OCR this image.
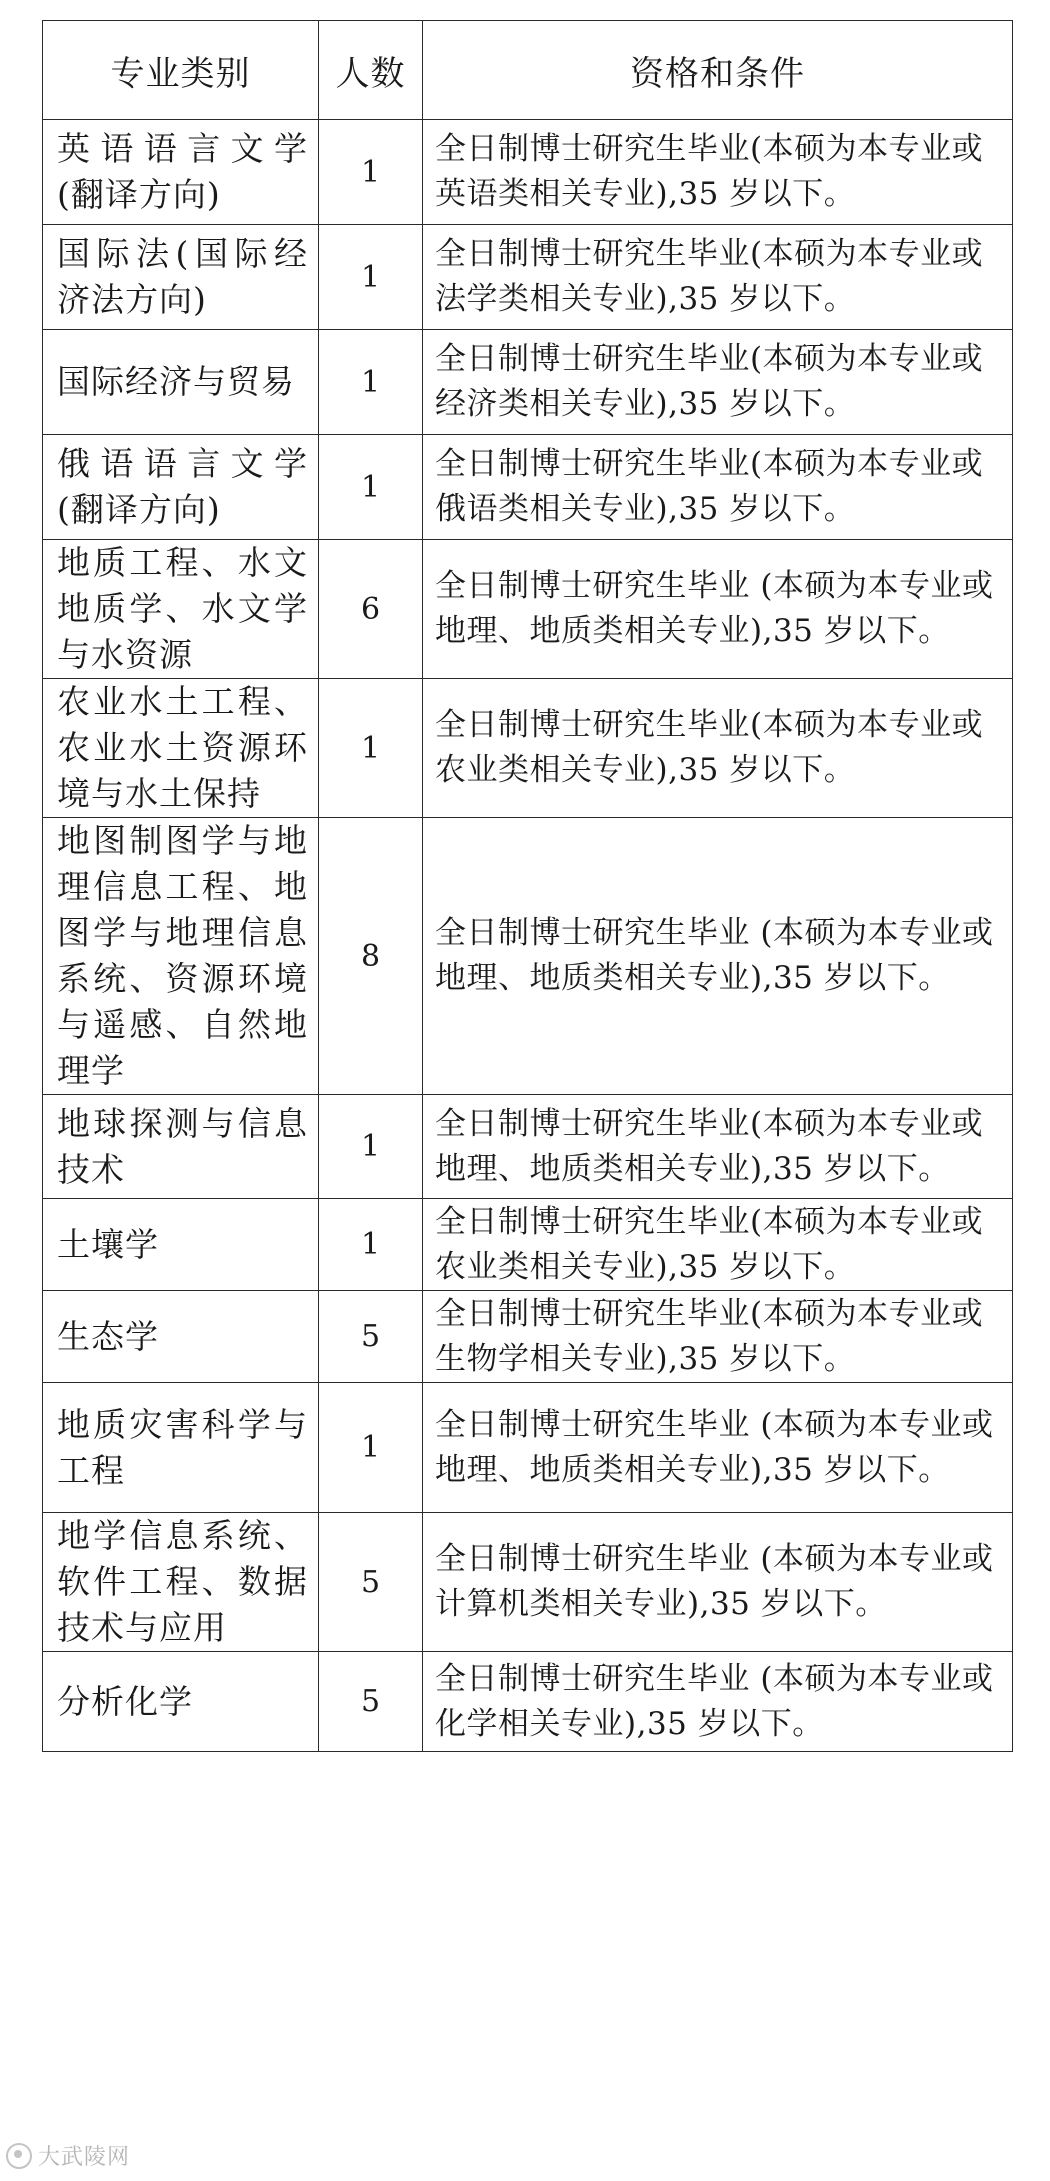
专业类别	人数	资格和条件
英语语言文学(翻译方向)	1	全日制博士研究生毕业(本硕为本专业或英语类相关专业),35 岁以下。
国际法(国际经济法方向)	1	全日制博士研究生毕业(本硕为本专业或法学类相关专业),35 岁以下。
国际经济与贸易	1	全日制博士研究生毕业(本硕为本专业或经济类相关专业),35 岁以下。
俄语语言文学(翻译方向)	1	全日制博士研究生毕业(本硕为本专业或俄语类相关专业),35 岁以下。
地质工程、水文地质学、水文学与水资源	6	全日制博士研究生毕业 (本硕为本专业或地理、地质类相关专业),35 岁以下。
农业水土工程、农业水土资源环境与水土保持	1	全日制博士研究生毕业(本硕为本专业或农业类相关专业),35 岁以下。
地图制图学与地理信息工程、地图学与地理信息系统、资源环境与遥感、自然地理学	8	全日制博士研究生毕业 (本硕为本专业或地理、地质类相关专业),35 岁以下。
地球探测与信息技术	1	全日制博士研究生毕业(本硕为本专业或地理、地质类相关专业),35 岁以下。
土壤学	1	全日制博士研究生毕业(本硕为本专业或农业类相关专业),35 岁以下。
生态学	5	全日制博士研究生毕业(本硕为本专业或生物学相关专业),35 岁以下。
地质灾害科学与工程	1	全日制博士研究生毕业 (本硕为本专业或地理、地质类相关专业),35 岁以下。
地学信息系统、软件工程、数据技术与应用	5	全日制博士研究生毕业 (本硕为本专业或计算机类相关专业),35 岁以下。
分析化学	5	全日制博士研究生毕业 (本硕为本专业或化学相关专业),35 岁以下。
大武陵网
